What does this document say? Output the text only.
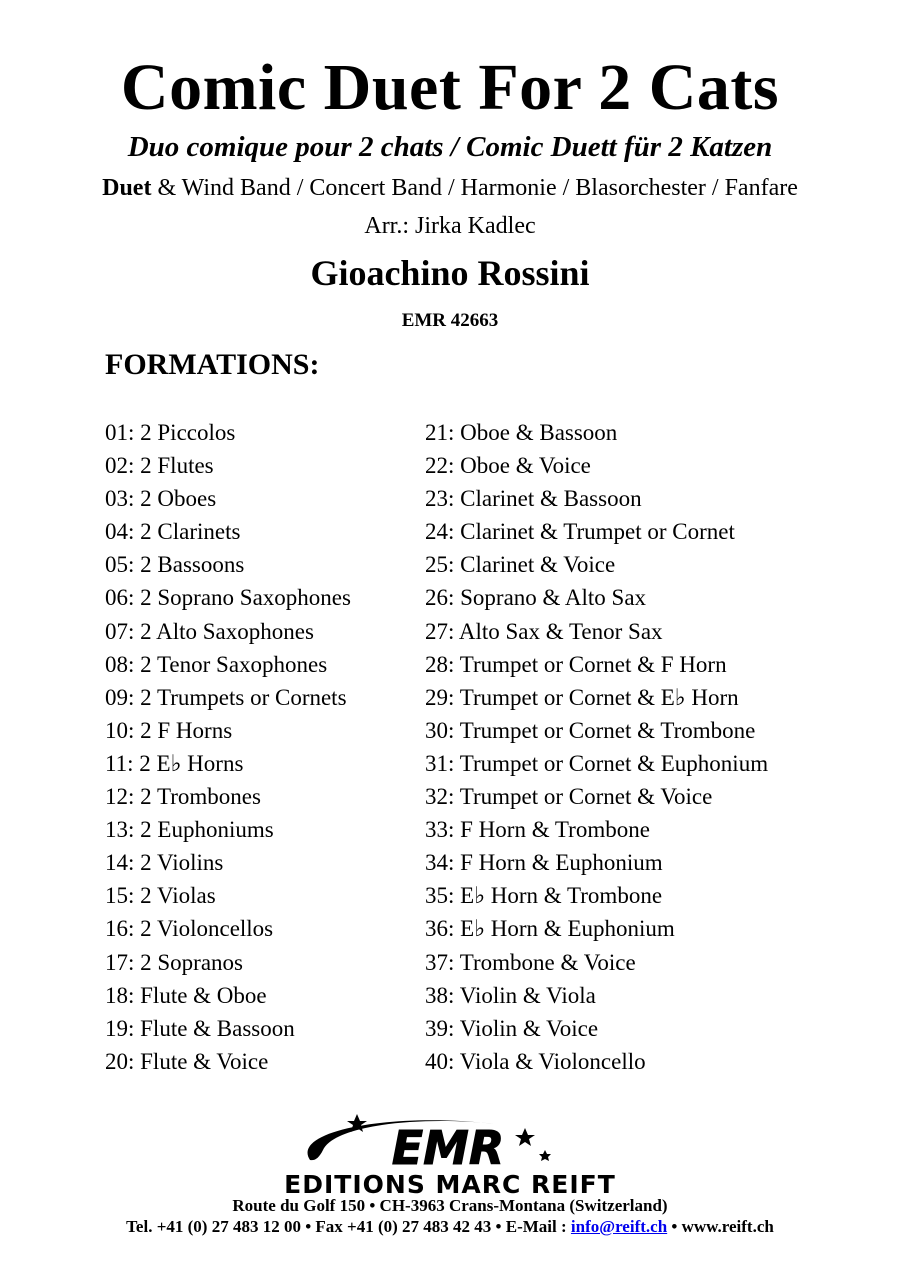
Comic Duet For 2 Cats
Duo comique pour 2 chats / Comic Duett für 2 Katzen
Duet & Wind Band / Concert Band / Harmonie / Blasorchester / Fanfare
Arr.: Jirka Kadlec
Gioachino Rossini
EMR 42663
FORMATIONS:
01: 2 Piccolos
02: 2 Flutes
03: 2 Oboes
04: 2 Clarinets
05: 2 Bassoons
06: 2 Soprano Saxophones
07: 2 Alto Saxophones
08: 2 Tenor Saxophones
09: 2 Trumpets or Cornets
10: 2 F Horns
11: 2 E♭ Horns
12: 2 Trombones
13: 2 Euphoniums
14: 2 Violins
15: 2 Violas
16: 2 Violoncellos
17: 2 Sopranos
18: Flute & Oboe
19: Flute & Bassoon
20: Flute & Voice
21: Oboe & Bassoon
22: Oboe & Voice
23: Clarinet & Bassoon
24: Clarinet & Trumpet or Cornet
25: Clarinet & Voice
26: Soprano & Alto Sax
27: Alto Sax & Tenor Sax
28: Trumpet or Cornet & F Horn
29: Trumpet or Cornet & E♭ Horn
30: Trumpet or Cornet & Trombone
31: Trumpet or Cornet & Euphonium
32: Trumpet or Cornet & Voice
33: F Horn & Trombone
34: F Horn & Euphonium
35: E♭ Horn & Trombone
36: E♭ Horn & Euphonium
37: Trombone & Voice
38: Violin & Viola
39: Violin & Voice
40: Viola & Violoncello
EMR
EDITIONS MARC REIFT
Route du Golf 150 • CH-3963 Crans-Montana (Switzerland)
Tel. +41 (0) 27 483 12 00 • Fax +41 (0) 27 483 42 43 • E-Mail : info@reift.ch • www.reift.ch
